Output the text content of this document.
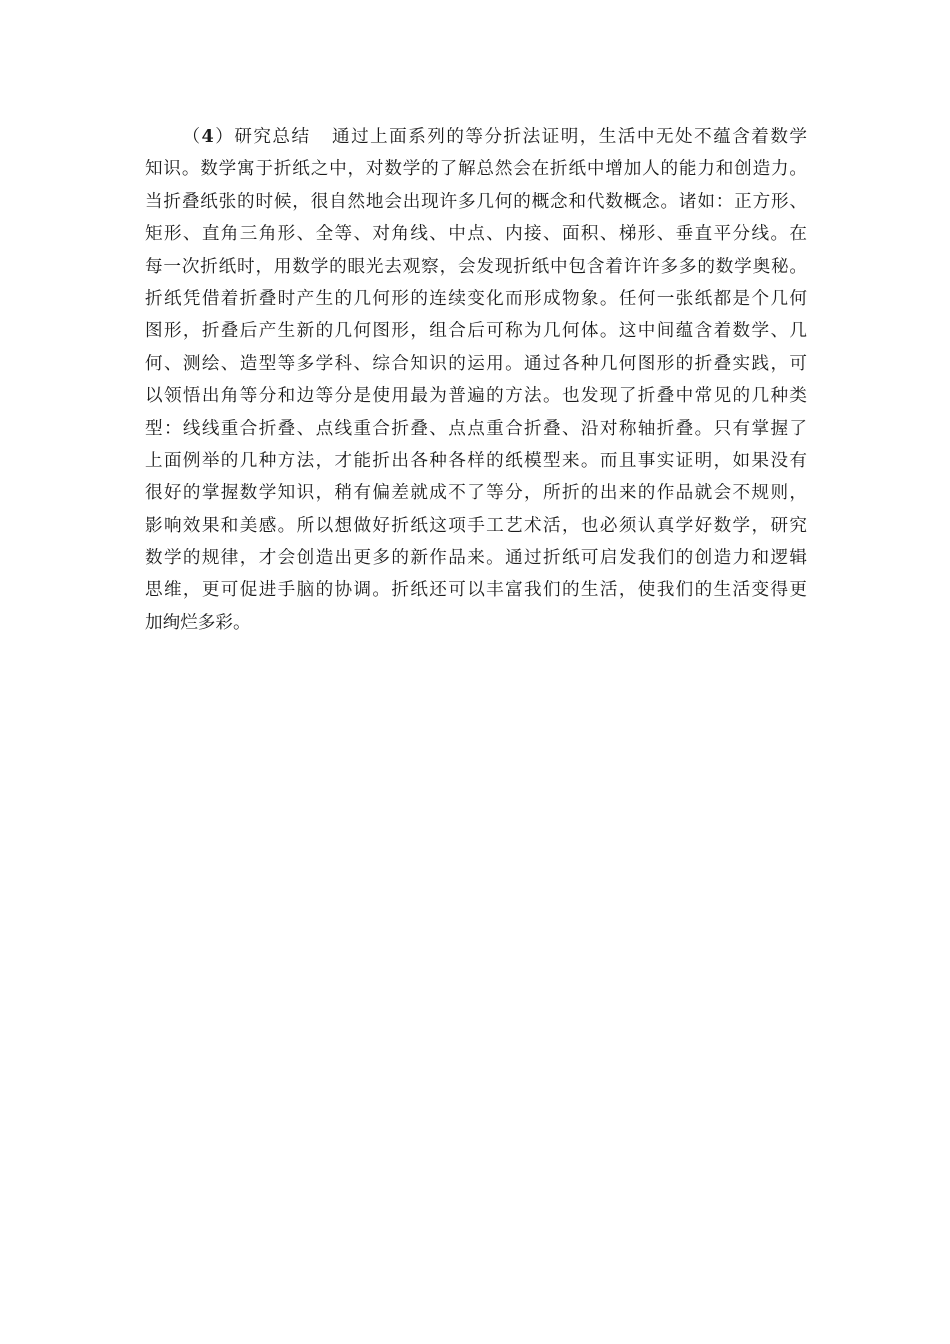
（4）研究总结 通过上面系列的等分折法证明，生活中无处不蕴含着数学
知识。数学寓于折纸之中，对数学的了解总然会在折纸中增加人的能力和创造力。
当折叠纸张的时候，很自然地会出现许多几何的概念和代数概念。诸如：正方形、
矩形、直角三角形、全等、对角线、中点、内接、面积、梯形、垂直平分线。在
每一次折纸时，用数学的眼光去观察，会发现折纸中包含着许许多多的数学奥秘。
折纸凭借着折叠时产生的几何形的连续变化而形成物象。任何一张纸都是个几何
图形，折叠后产生新的几何图形，组合后可称为几何体。这中间蕴含着数学、几
何、测绘、造型等多学科、综合知识的运用。通过各种几何图形的折叠实践，可
以领悟出角等分和边等分是使用最为普遍的方法。也发现了折叠中常见的几种类
型：线线重合折叠、点线重合折叠、点点重合折叠、沿对称轴折叠。只有掌握了
上面例举的几种方法，才能折出各种各样的纸模型来。而且事实证明，如果没有
很好的掌握数学知识，稍有偏差就成不了等分，所折的出来的作品就会不规则，
影响效果和美感。所以想做好折纸这项手工艺术活，也必须认真学好数学，研究
数学的规律，才会创造出更多的新作品来。通过折纸可启发我们的创造力和逻辑
思维，更可促进手脑的协调。折纸还可以丰富我们的生活，使我们的生活变得更
加绚烂多彩。
